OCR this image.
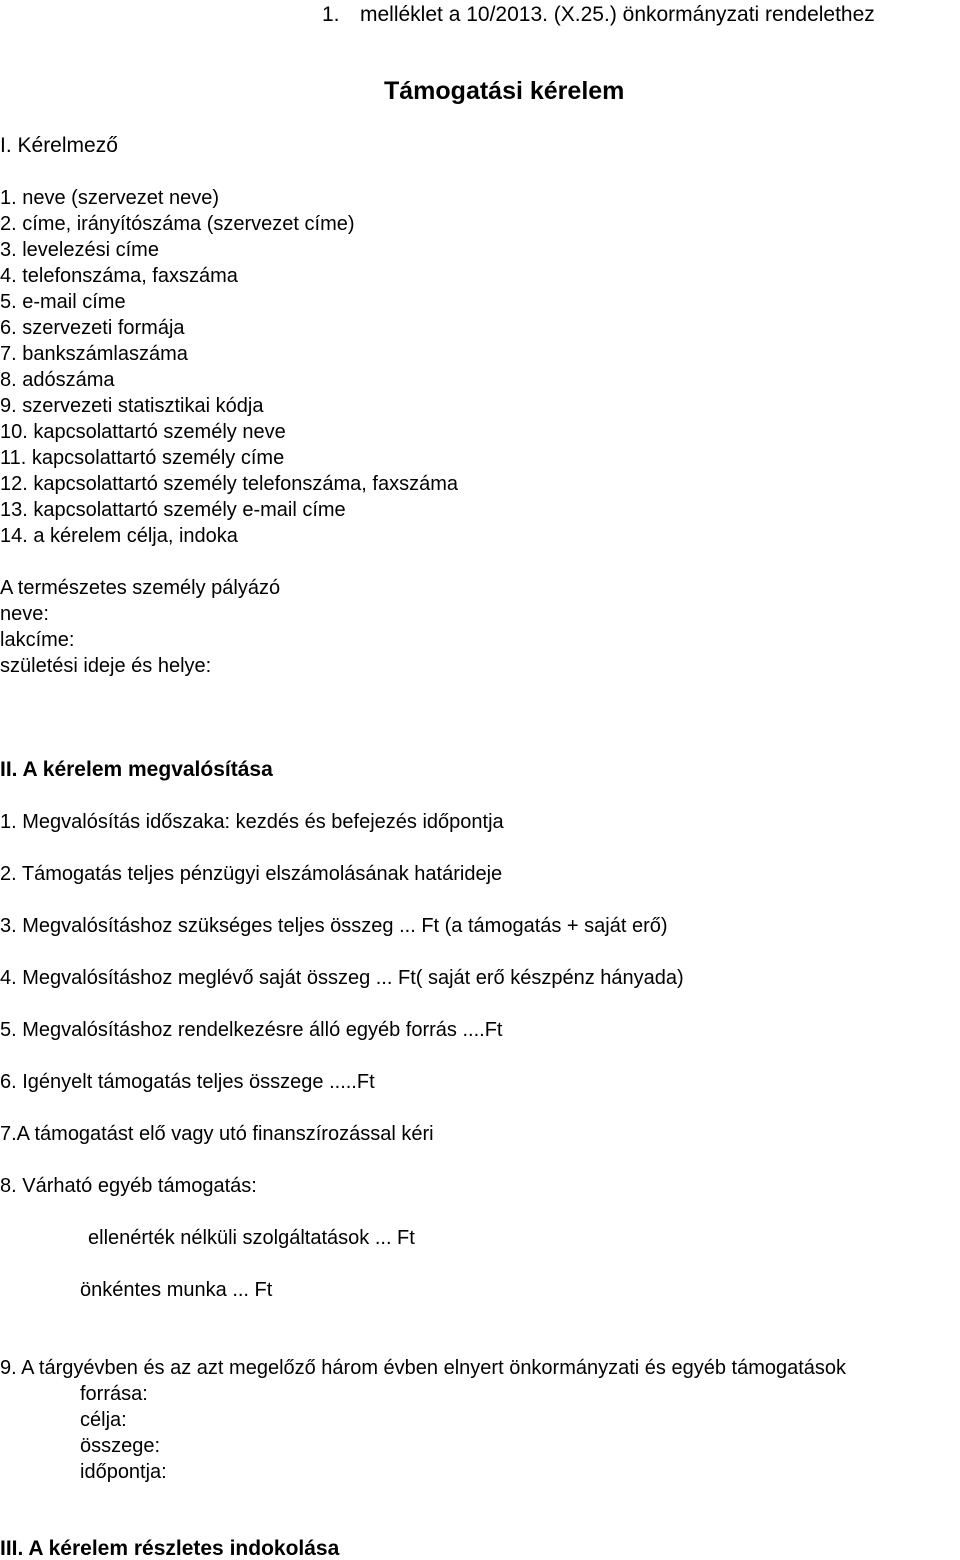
1. melléklet a 10/2013. (X.25.) önkormányzati rendelethez
Támogatási kérelem
I. Kérelmező
1. neve (szervezet neve)
2. címe, irányítószáma (szervezet címe)
3. levelezési címe
4. telefonszáma, faxszáma
5. e-mail címe
6. szervezeti formája
7. bankszámlaszáma
8. adószáma
9. szervezeti statisztikai kódja
10. kapcsolattartó személy neve
11. kapcsolattartó személy címe
12. kapcsolattartó személy telefonszáma, faxszáma
13. kapcsolattartó személy e-mail címe
14. a kérelem célja, indoka
A természetes személy pályázó
neve:
lakcíme:
születési ideje és helye:
II. A kérelem megvalósítása
1. Megvalósítás időszaka: kezdés és befejezés időpontja
2. Támogatás teljes pénzügyi elszámolásának határideje
3. Megvalósításhoz szükséges teljes összeg ... Ft (a támogatás + saját erő)
4. Megvalósításhoz meglévő saját összeg ... Ft( saját erő készpénz hányada)
5. Megvalósításhoz rendelkezésre álló egyéb forrás ....Ft
6. Igényelt támogatás teljes összege .....Ft
7.A támogatást elő vagy utó finanszírozással kéri
8. Várható egyéb támogatás:
ellenérték nélküli szolgáltatások ... Ft
önkéntes munka ... Ft
9. A tárgyévben és az azt megelőző három évben elnyert önkormányzati és egyéb támogatások
forrása:
célja:
összege:
időpontja:
III. A kérelem részletes indokolása
